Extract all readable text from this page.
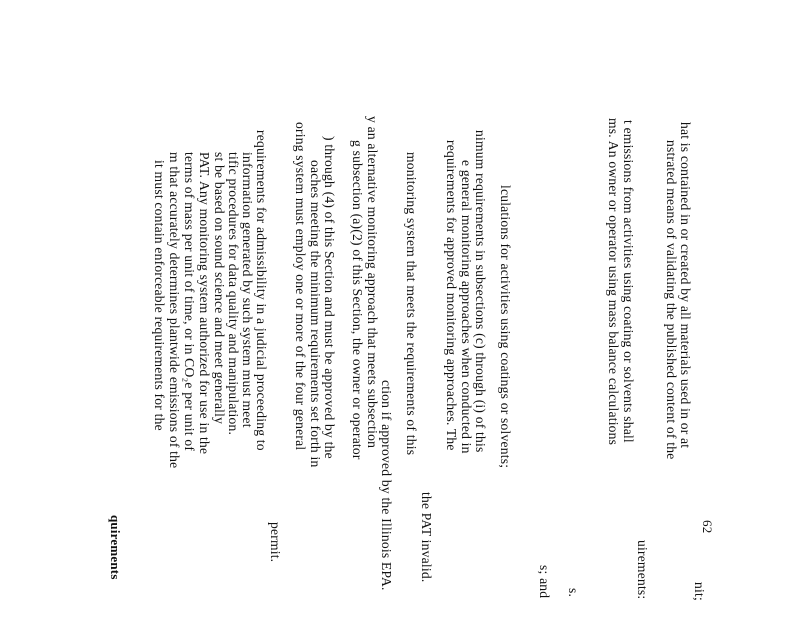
quirements
it must contain enforceable requirements for the m that accurately determines plantwide emissions of the terms of mass per unit of time, or in CO₂e per unit of PAT. Any monitoring system authorized for use in the st be based on sound science and meet generally tific procedures for data quality and manipulation. information generated by such system must meet requirements for admissibility in a judicial proceeding to
permit.
oring system must employ one or more of the four general oaches meeting the minimum requirements set forth in ) through (4) of this Section and must be approved by the g subsection (a)(2) of this Section, the owner or operator y an alternative monitoring approach that meets subsection
ction if approved by the Illinois EPA.
monitoring system that meets the requirements of this
the PAT invalid.
requirements for approved monitoring approaches. The e general monitoring approaches when conducted in nimum requirements in subsections (c) through (i) of this lculations for activities using coatings or solvents;
s; and s.
ms. An owner or operator using mass balance calculations t emissions from activities using coating or solvents shall
uirements:
nstrated means of validating the published content of the hat is contained in or created by all materials used in or at
nit;
62
